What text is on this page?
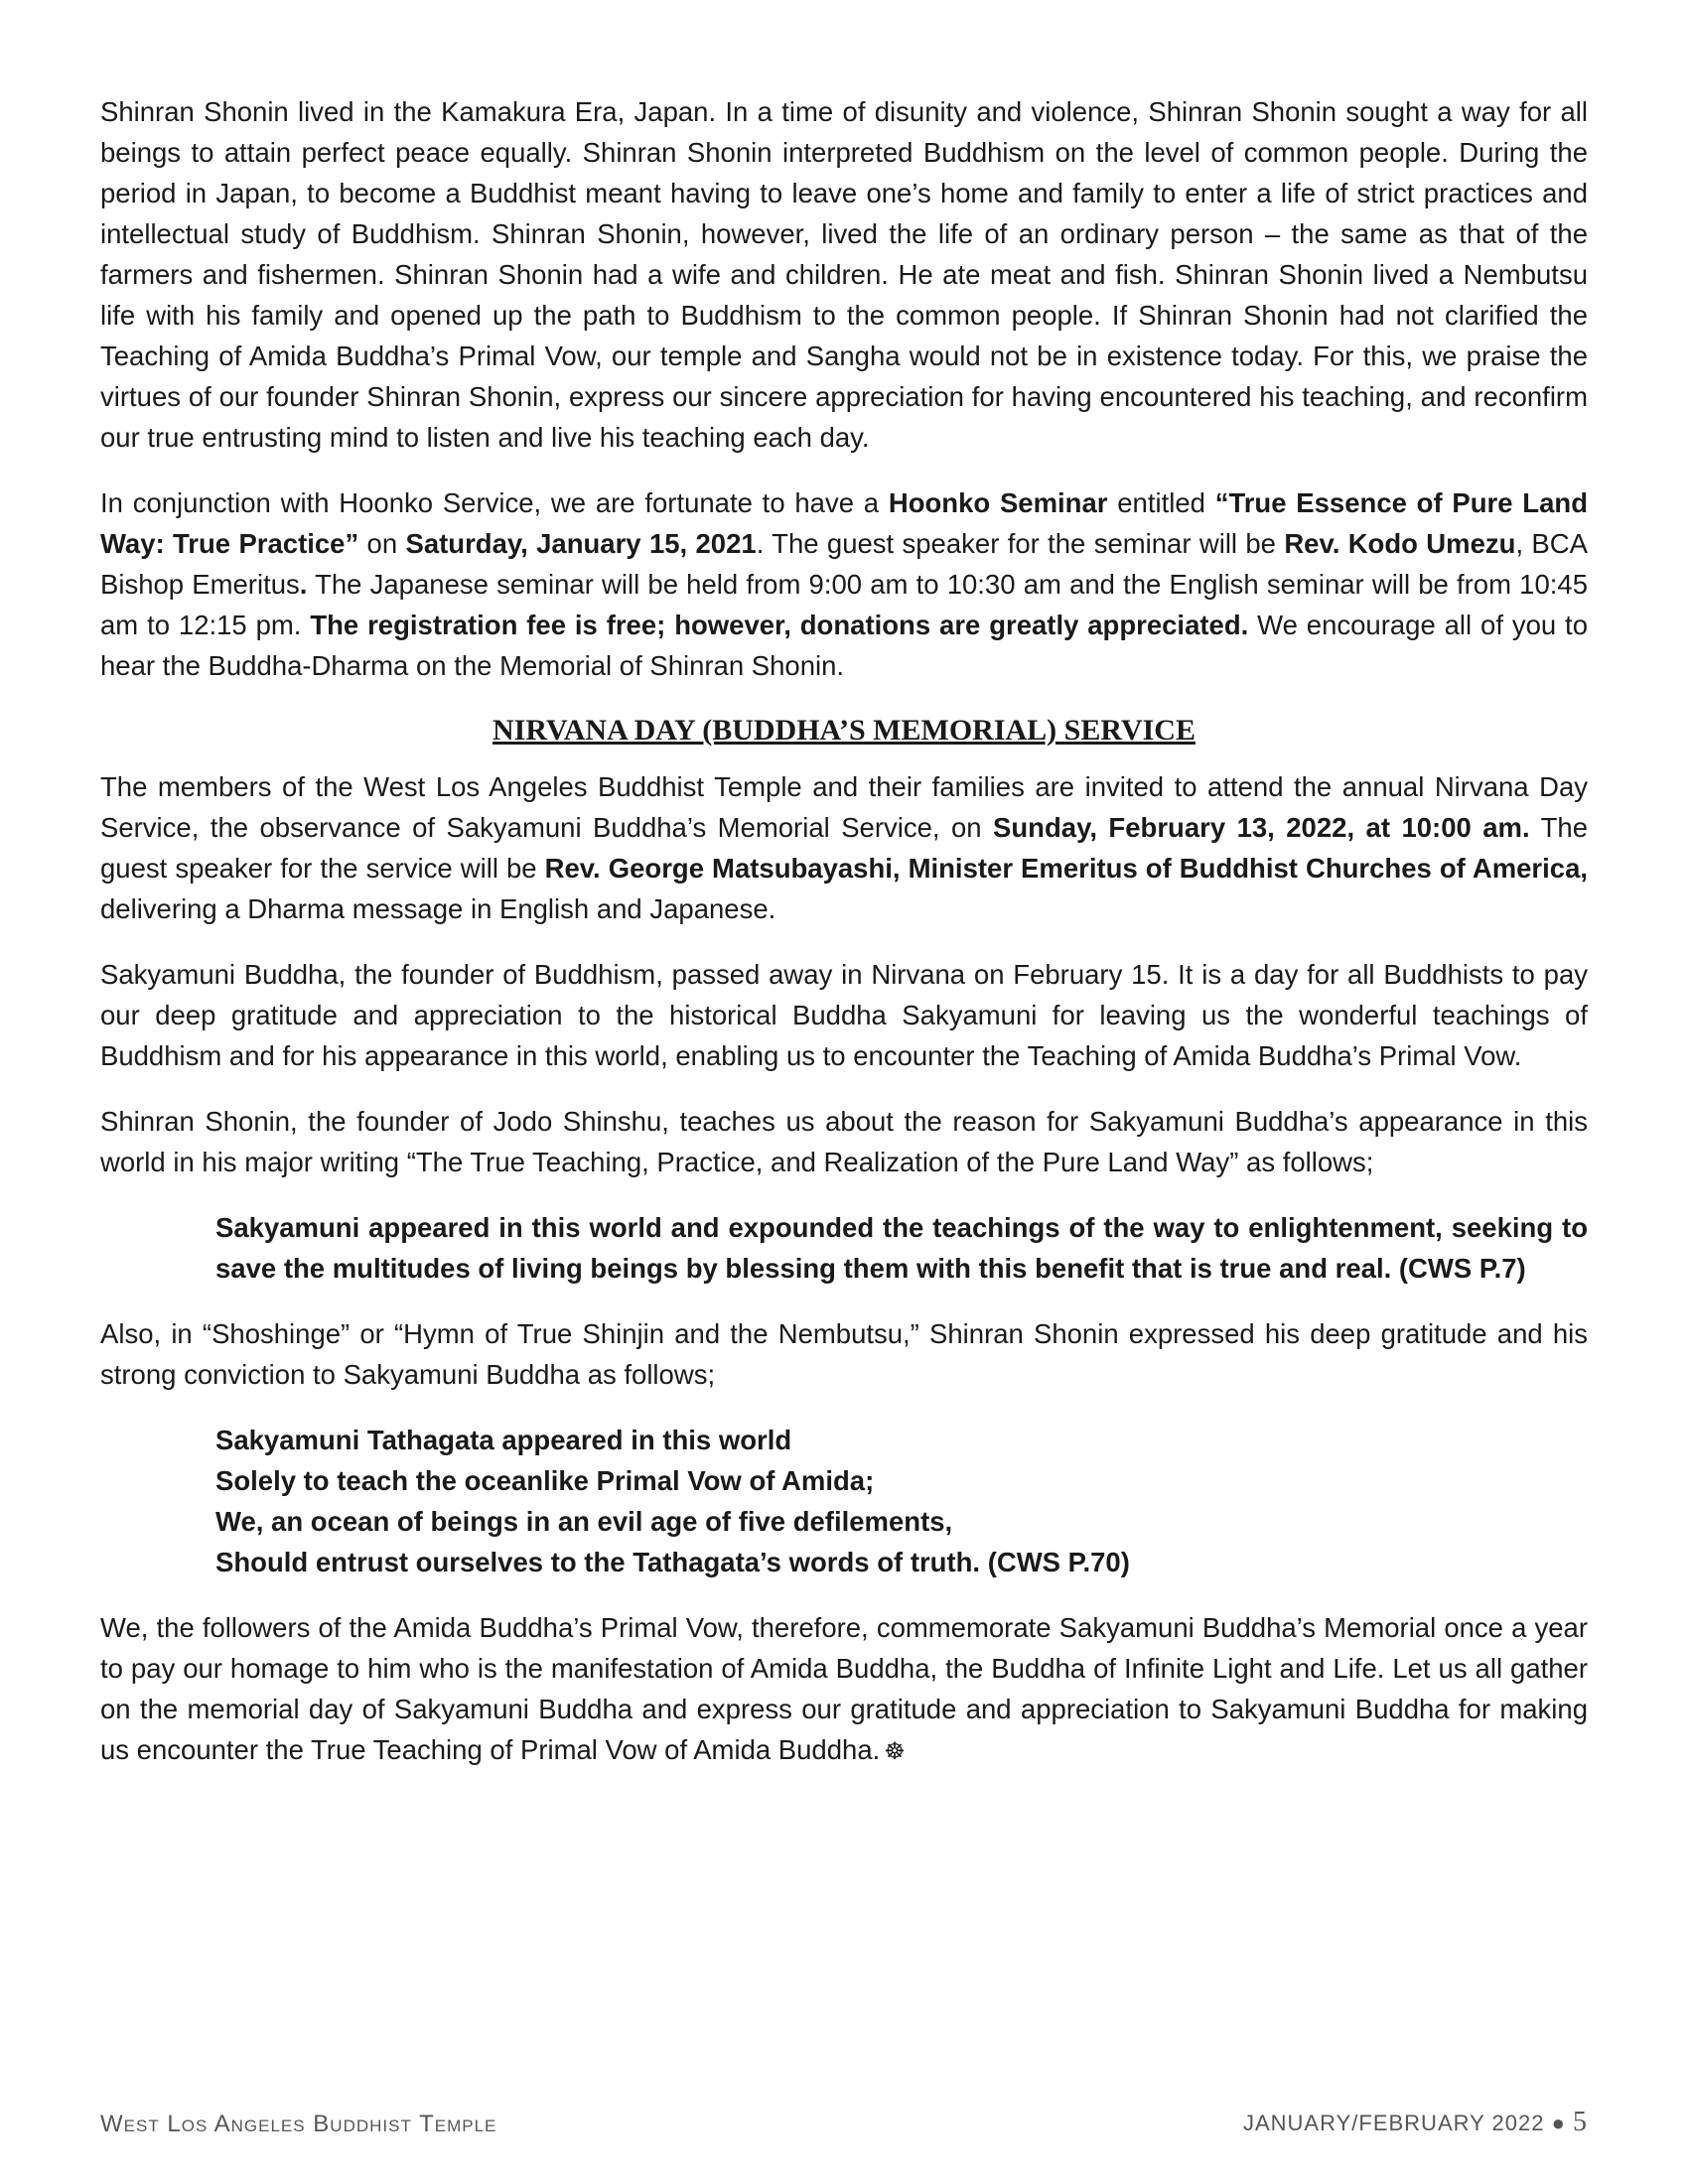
Shinran Shonin lived in the Kamakura Era, Japan. In a time of disunity and violence, Shinran Shonin sought a way for all beings to attain perfect peace equally. Shinran Shonin interpreted Buddhism on the level of common people. During the period in Japan, to become a Buddhist meant having to leave one’s home and family to enter a life of strict practices and intellectual study of Buddhism. Shinran Shonin, however, lived the life of an ordinary person – the same as that of the farmers and fishermen. Shinran Shonin had a wife and children. He ate meat and fish. Shinran Shonin lived a Nembutsu life with his family and opened up the path to Buddhism to the common people. If Shinran Shonin had not clarified the Teaching of Amida Buddha’s Primal Vow, our temple and Sangha would not be in existence today. For this, we praise the virtues of our founder Shinran Shonin, express our sincere appreciation for having encountered his teaching, and reconfirm our true entrusting mind to listen and live his teaching each day.

In conjunction with Hoonko Service, we are fortunate to have a Hoonko Seminar entitled “True Essence of Pure Land Way: True Practice” on Saturday, January 15, 2021. The guest speaker for the seminar will be Rev. Kodo Umezu, BCA Bishop Emeritus. The Japanese seminar will be held from 9:00 am to 10:30 am and the English seminar will be from 10:45 am to 12:15 pm. The registration fee is free; however, donations are greatly appreciated. We encourage all of you to hear the Buddha-Dharma on the Memorial of Shinran Shonin.

NIRVANA DAY (BUDDHA’S MEMORIAL) SERVICE

The members of the West Los Angeles Buddhist Temple and their families are invited to attend the annual Nirvana Day Service, the observance of Sakyamuni Buddha’s Memorial Service, on Sunday, February 13, 2022, at 10:00 am. The guest speaker for the service will be Rev. George Matsubayashi, Minister Emeritus of Buddhist Churches of America, delivering a Dharma message in English and Japanese.

Sakyamuni Buddha, the founder of Buddhism, passed away in Nirvana on February 15. It is a day for all Buddhists to pay our deep gratitude and appreciation to the historical Buddha Sakyamuni for leaving us the wonderful teachings of Buddhism and for his appearance in this world, enabling us to encounter the Teaching of Amida Buddha’s Primal Vow.

Shinran Shonin, the founder of Jodo Shinshu, teaches us about the reason for Sakyamuni Buddha’s appearance in this world in his major writing “The True Teaching, Practice, and Realization of the Pure Land Way” as follows;

Sakyamuni appeared in this world and expounded the teachings of the way to enlightenment, seeking to save the multitudes of living beings by blessing them with this benefit that is true and real. (CWS P.7)

Also, in “Shoshinge” or “Hymn of True Shinjin and the Nembutsu,” Shinran Shonin expressed his deep gratitude and his strong conviction to Sakyamuni Buddha as follows;

Sakyamuni Tathagata appeared in this world
Solely to teach the oceanlike Primal Vow of Amida;
We, an ocean of beings in an evil age of five defilements,
Should entrust ourselves to the Tathagata’s words of truth. (CWS P.70)

We, the followers of the Amida Buddha’s Primal Vow, therefore, commemorate Sakyamuni Buddha’s Memorial once a year to pay our homage to him who is the manifestation of Amida Buddha, the Buddha of Infinite Light and Life. Let us all gather on the memorial day of Sakyamuni Buddha and express our gratitude and appreciation to Sakyamuni Buddha for making us encounter the True Teaching of Primal Vow of Amida Buddha. ☸

West Los Angeles Buddhist Temple	JANUARY/FEBRUARY 2022 ● 5
